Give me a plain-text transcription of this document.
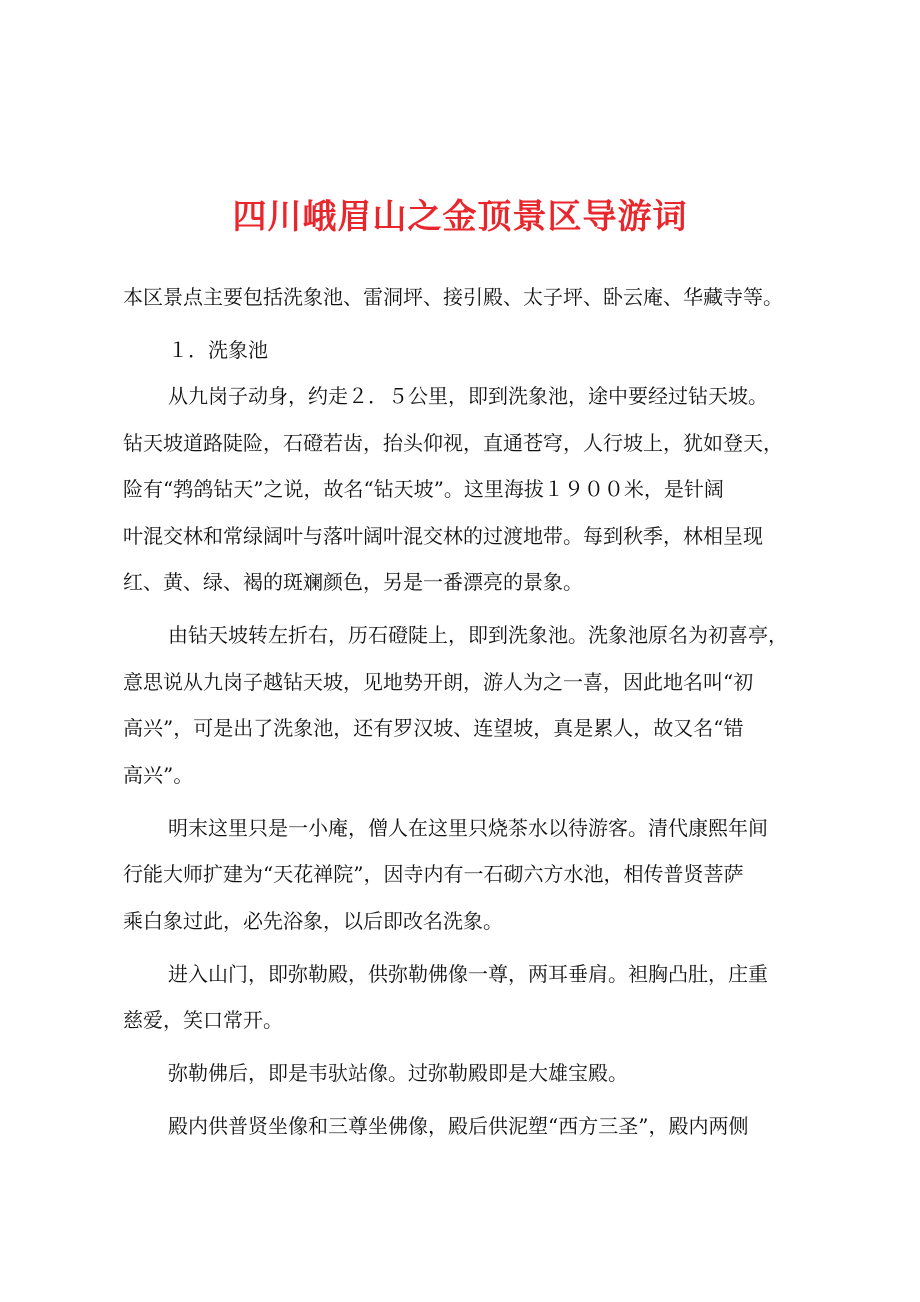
四川峨眉山之金顶景区导游词

本区景点主要包括洗象池、雷洞坪、接引殿、太子坪、卧云庵、华藏寺等。

１．洗象池

从九岗子动身，约走２．５公里，即到洗象池，途中要经过钻天坡。

钻天坡道路陡险，石磴若齿，抬头仰视，直通苍穹，人行坡上，犹如登天，

险有“鹁鸽钻天”之说，故名“钻天坡”。这里海拔１９００米，是针阔

叶混交林和常绿阔叶与落叶阔叶混交林的过渡地带。每到秋季，林相呈现

红、黄、绿、褐的斑斓颜色，另是一番漂亮的景象。

由钻天坡转左折右，历石磴陡上，即到洗象池。洗象池原名为初喜亭，

意思说从九岗子越钻天坡，见地势开朗，游人为之一喜，因此地名叫“初

高兴”，可是出了洗象池，还有罗汉坡、连望坡，真是累人，故又名“错

高兴”。

明末这里只是一小庵，僧人在这里只烧茶水以待游客。清代康熙年间

行能大师扩建为“天花禅院”，因寺内有一石砌六方水池，相传普贤菩萨

乘白象过此，必先浴象，以后即改名洗象。

进入山门，即弥勒殿，供弥勒佛像一尊，两耳垂肩。袒胸凸肚，庄重

慈爱，笑口常开。

弥勒佛后，即是韦驮站像。过弥勒殿即是大雄宝殿。

殿内供普贤坐像和三尊坐佛像，殿后供泥塑“西方三圣”，殿内两侧
